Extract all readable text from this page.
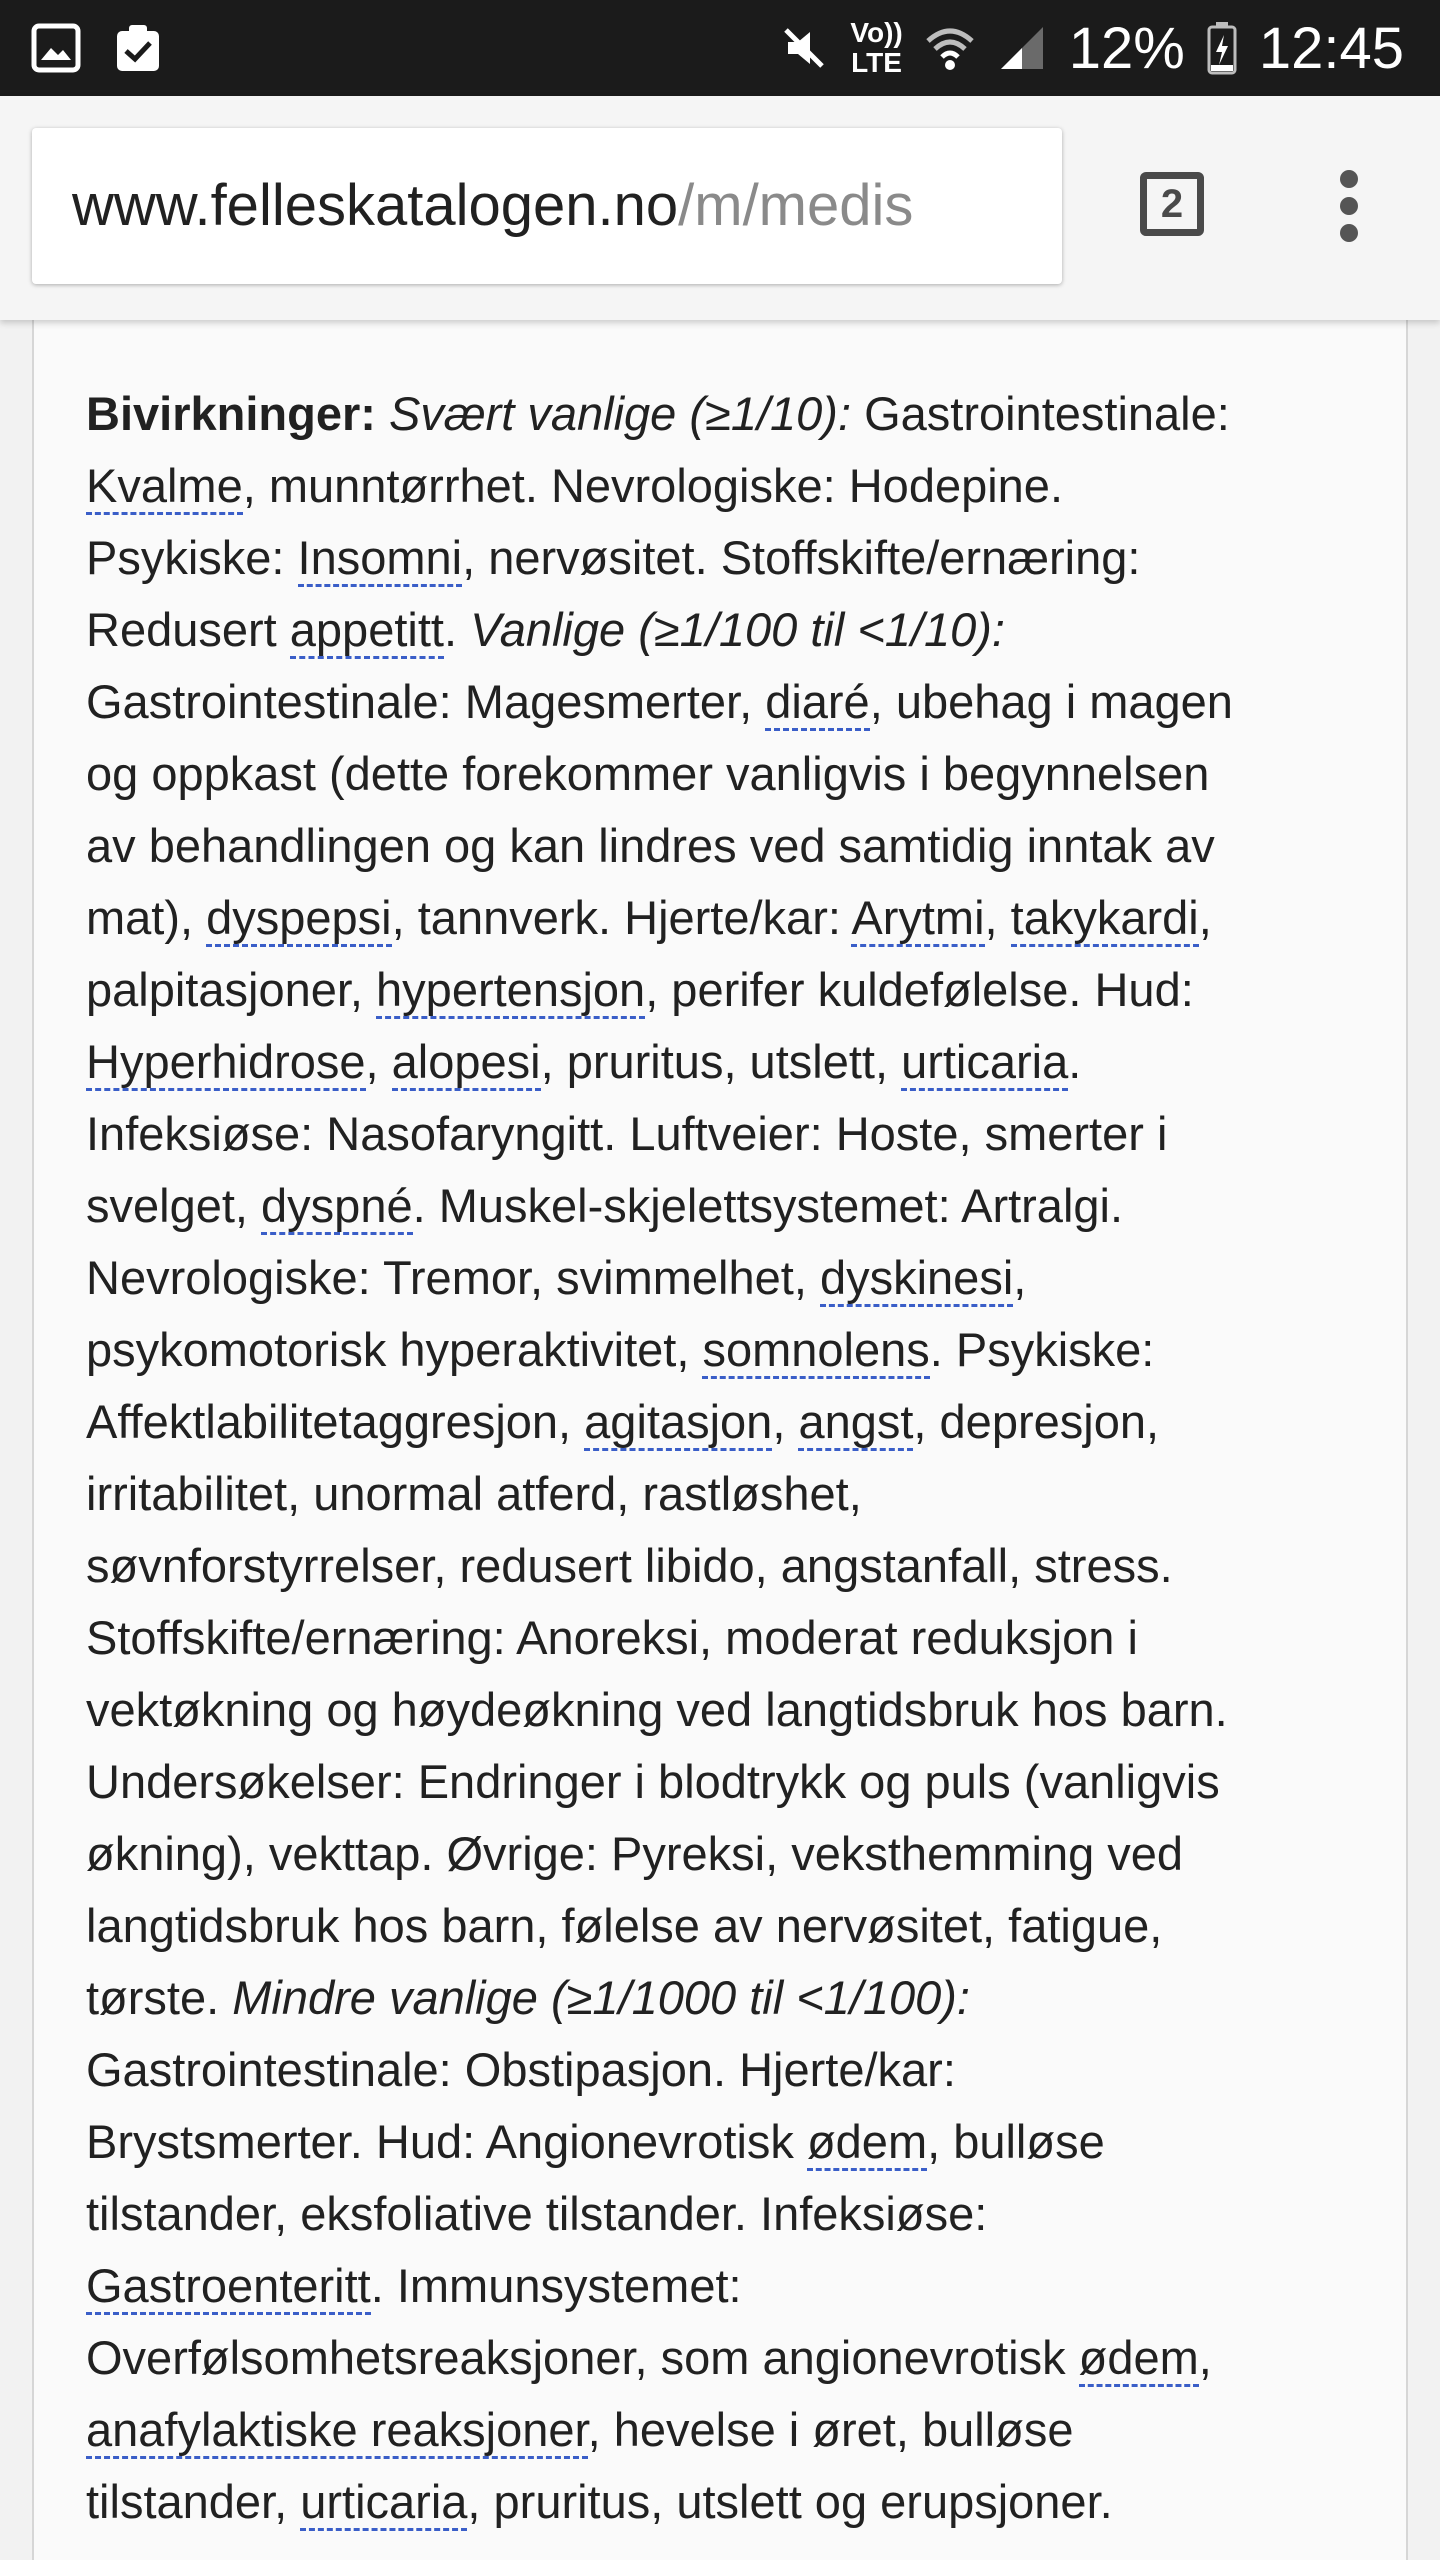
Vo))
LTE	12% 12:45
www.felleskatalogen.no/m/medis	2
Bivirkninger: Svært vanlige (≥1/10): Gastrointestinale:
Kvalme, munntørrhet. Nevrologiske: Hodepine.
Psykiske: Insomni, nervøsitet. Stoffskifte/ernæring:
Redusert appetitt. Vanlige (≥1/100 til <1/10):
Gastrointestinale: Magesmerter, diaré, ubehag i magen
og oppkast (dette forekommer vanligvis i begynnelsen
av behandlingen og kan lindres ved samtidig inntak av
mat), dyspepsi, tannverk. Hjerte/kar: Arytmi, takykardi,
palpitasjoner, hypertensjon, perifer kuldefølelse. Hud:
Hyperhidrose, alopesi, pruritus, utslett, urticaria.
Infeksiøse: Nasofaryngitt. Luftveier: Hoste, smerter i
svelget, dyspné. Muskel-skjelettsystemet: Artralgi.
Nevrologiske: Tremor, svimmelhet, dyskinesi,
psykomotorisk hyperaktivitet, somnolens. Psykiske:
Affektlabilitetaggresjon, agitasjon, angst, depresjon,
irritabilitet, unormal atferd, rastløshet,
søvnforstyrrelser, redusert libido, angstanfall, stress.
Stoffskifte/ernæring: Anoreksi, moderat reduksjon i
vektøkning og høydeøkning ved langtidsbruk hos barn.
Undersøkelser: Endringer i blodtrykk og puls (vanligvis
økning), vekttap. Øvrige: Pyreksi, veksthemming ved
langtidsbruk hos barn, følelse av nervøsitet, fatigue,
tørste. Mindre vanlige (≥1/1000 til <1/100):
Gastrointestinale: Obstipasjon. Hjerte/kar:
Brystsmerter. Hud: Angionevrotisk ødem, bulløse
tilstander, eksfoliative tilstander. Infeksiøse:
Gastroenteritt. Immunsystemet:
Overfølsomhetsreaksjoner, som angionevrotisk ødem,
anafylaktiske reaksjoner, hevelse i øret, bulløse
tilstander, urticaria, pruritus, utslett og erupsjoner.
